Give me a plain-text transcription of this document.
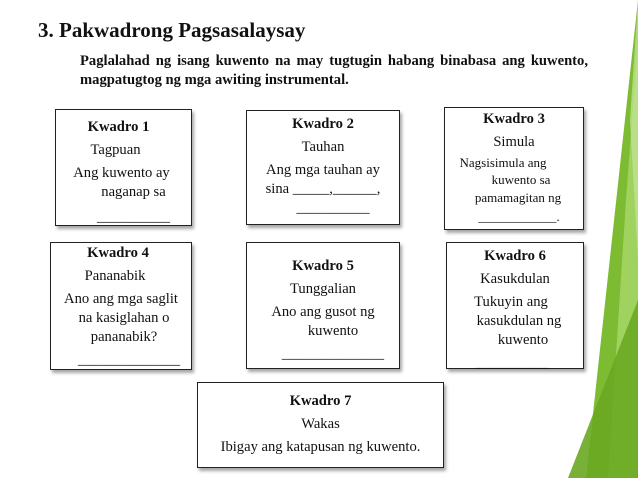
3. Pakwadrong Pagsasalaysay
Paglalahad ng isang kuwento na may tugtugin habang binabasa ang kuwento, magpatugtog ng mga awiting instrumental.
Kwadro 1
Tagpuan
Ang kuwento ay
naganap sa
__________
Kwadro 2
Tauhan
Ang mga tauhan ay
sina _____,______,
__________
Kwadro 3
Simula
Nagsisimula ang
kuwento sa
pamamagitan ng
____________.
Kwadro 4
Pananabik
Ano ang mga saglit
na kasiglahan o
pananabik?
______________
Kwadro 5
Tunggalian
Ano ang gusot ng
kuwento
______________
Kwadro 6
Kasukdulan
Tukuyin ang
kasukdulan ng
kuwento
__________
Kwadro 7
Wakas
Ibigay ang katapusan ng kuwento.
